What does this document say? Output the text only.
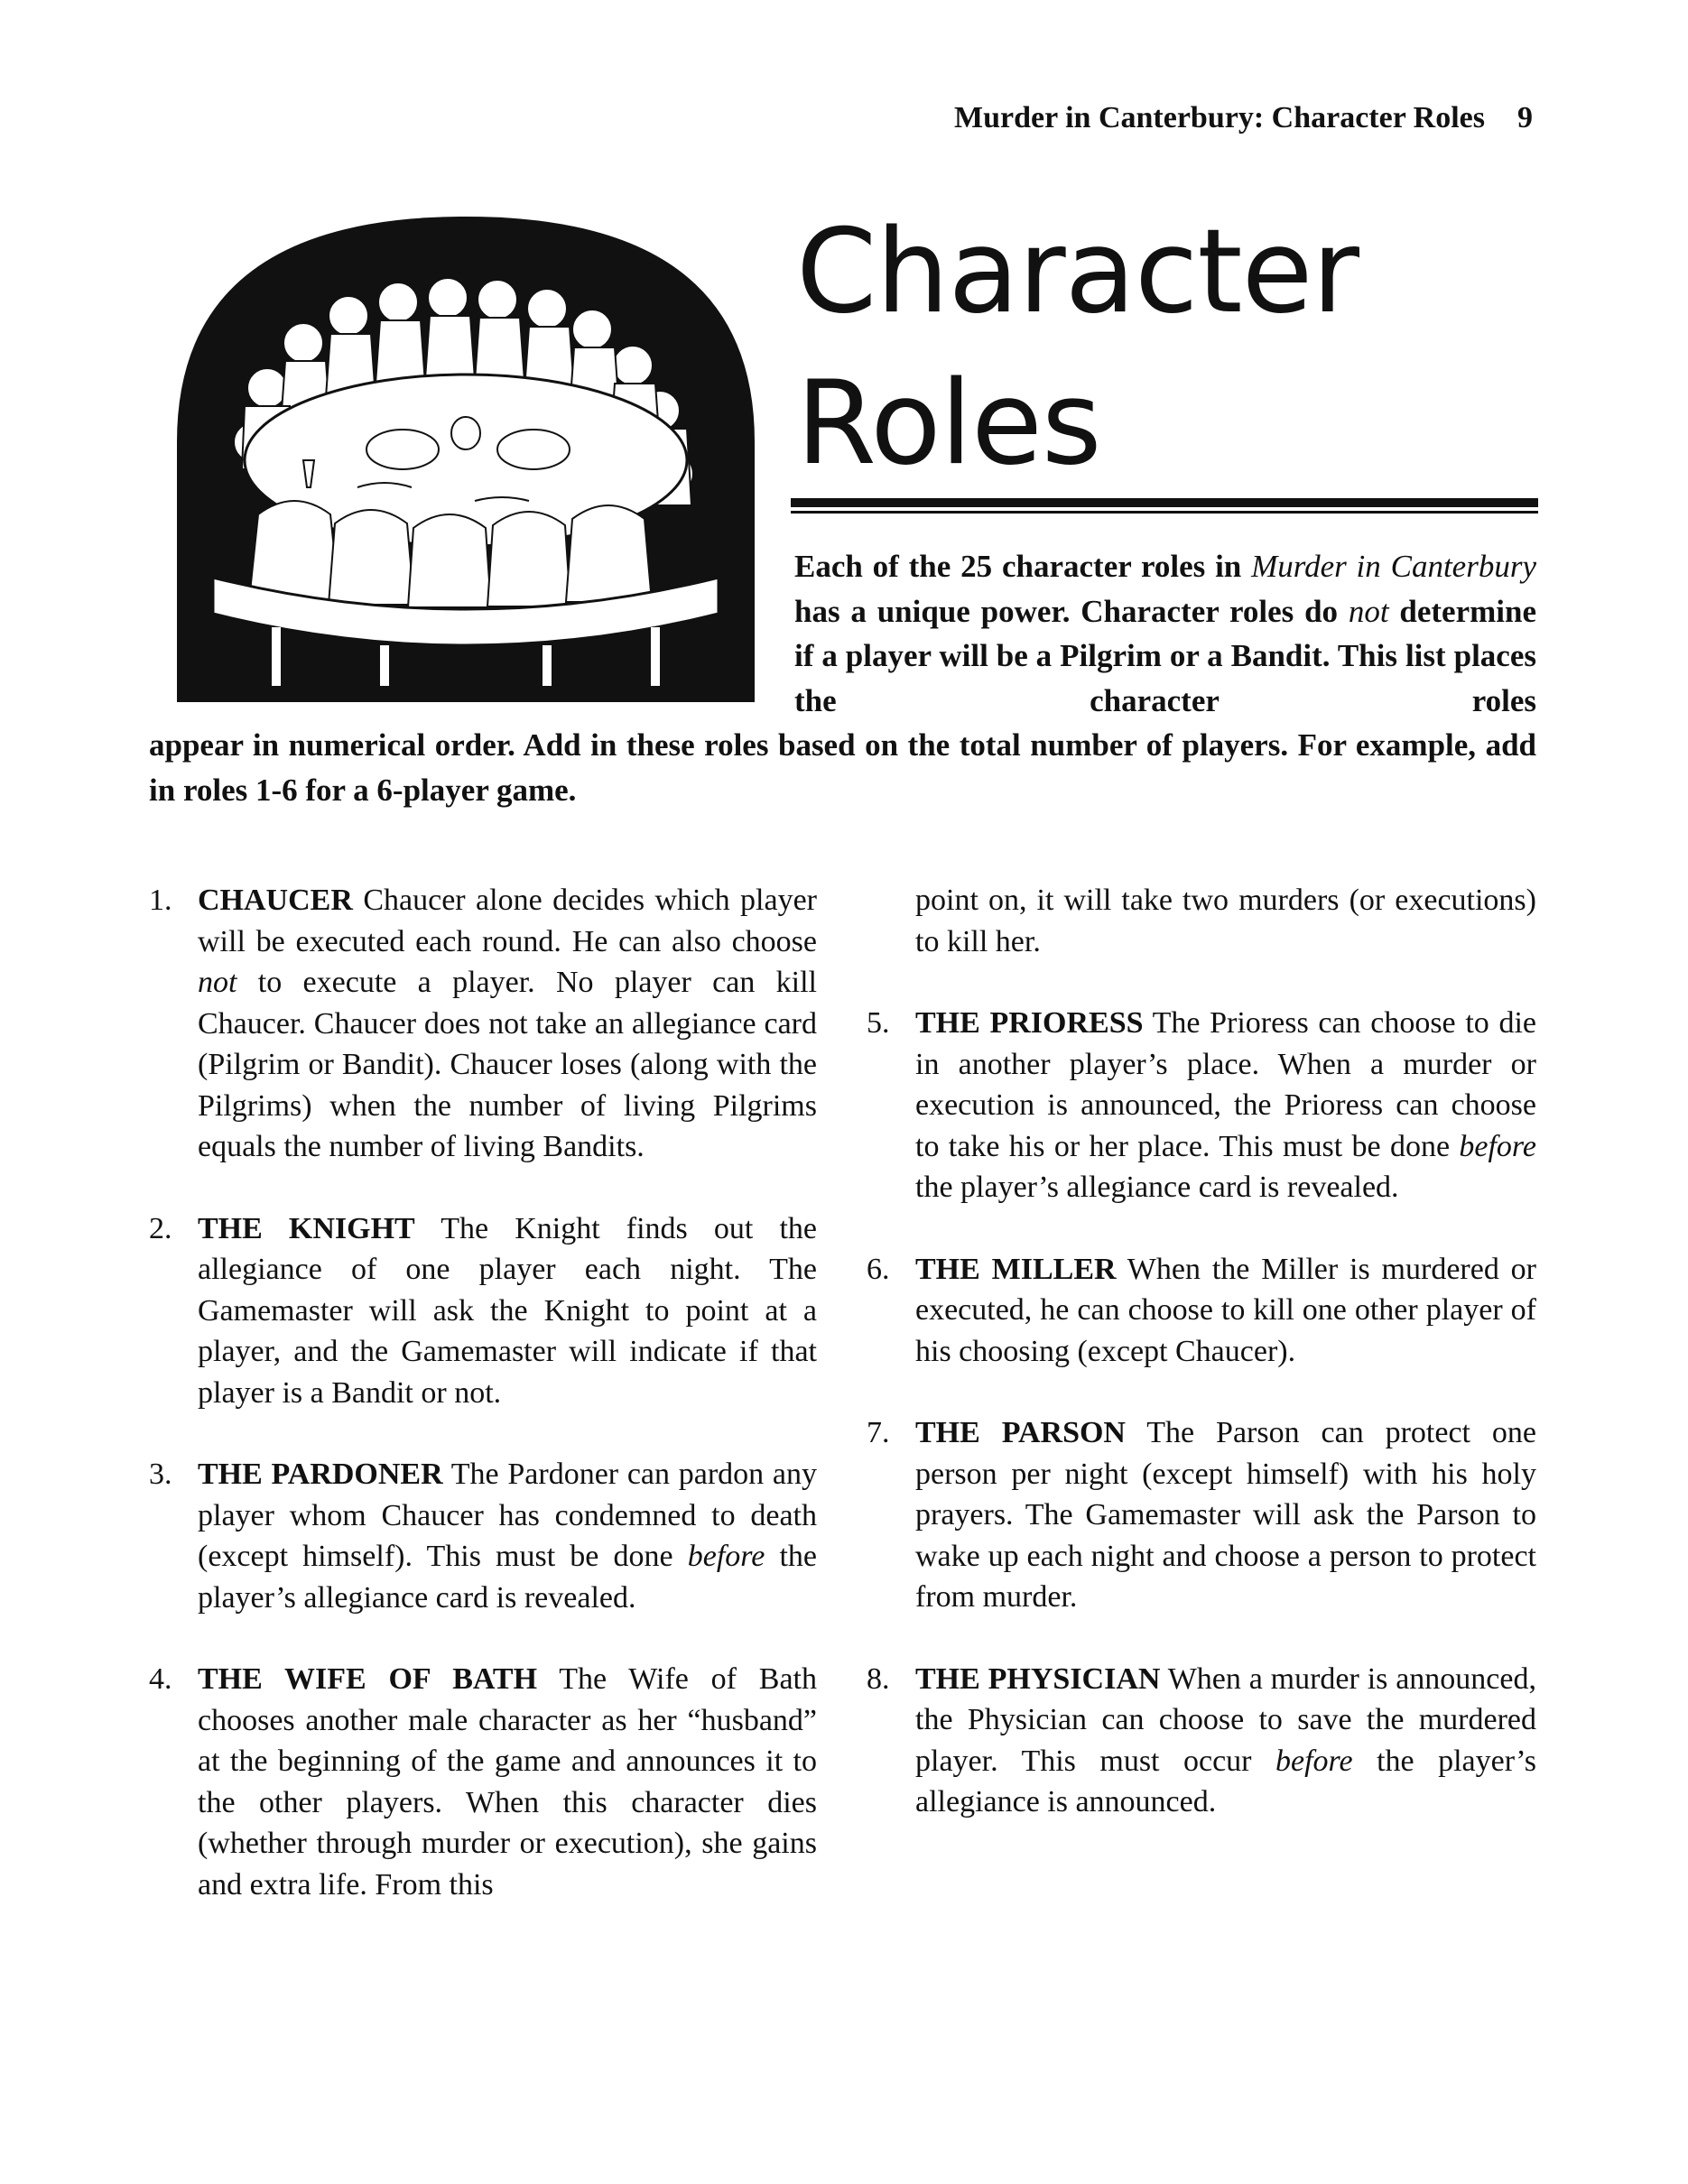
Murder in Canterbury: Character Roles 9
Character
Roles
Each of the 25 character roles in Murder in Canterbury has a unique power. Character roles do not determine if a player will be a Pilgrim or a Bandit. This list places the character roles
appear in numerical order. Add in these roles based on the total number of players. For example, add in roles 1-6 for a 6-player game.

1. CHAUCER Chaucer alone decides which player will be executed each round. He can also choose not to execute a player. No player can kill Chaucer. Chaucer does not take an allegiance card (Pilgrim or Bandit). Chaucer loses (along with the Pilgrims) when the number of living Pilgrims equals the number of living Bandits.

2. THE KNIGHT The Knight finds out the allegiance of one player each night. The Gamemaster will ask the Knight to point at a player, and the Gamemaster will indicate if that player is a Bandit or not.

3. THE PARDONER The Pardoner can pardon any player whom Chaucer has condemned to death (except himself). This must be done before the player’s allegiance card is revealed.

4. THE WIFE OF BATH The Wife of Bath chooses another male character as her “husband” at the beginning of the game and announces it to the other players. When this character dies (whether through murder or execution), she gains and extra life. From this

point on, it will take two murders (or executions) to kill her.

5. THE PRIORESS The Prioress can choose to die in another player’s place. When a murder or execution is announced, the Prioress can choose to take his or her place. This must be done before the player’s allegiance card is revealed.

6. THE MILLER When the Miller is murdered or executed, he can choose to kill one other player of his choosing (except Chaucer).

7. THE PARSON The Parson can protect one person per night (except himself) with his holy prayers. The Gamemaster will ask the Parson to wake up each night and choose a person to protect from murder.

8. THE PHYSICIAN When a murder is announced, the Physician can choose to save the murdered player. This must occur before the player’s allegiance is announced.
